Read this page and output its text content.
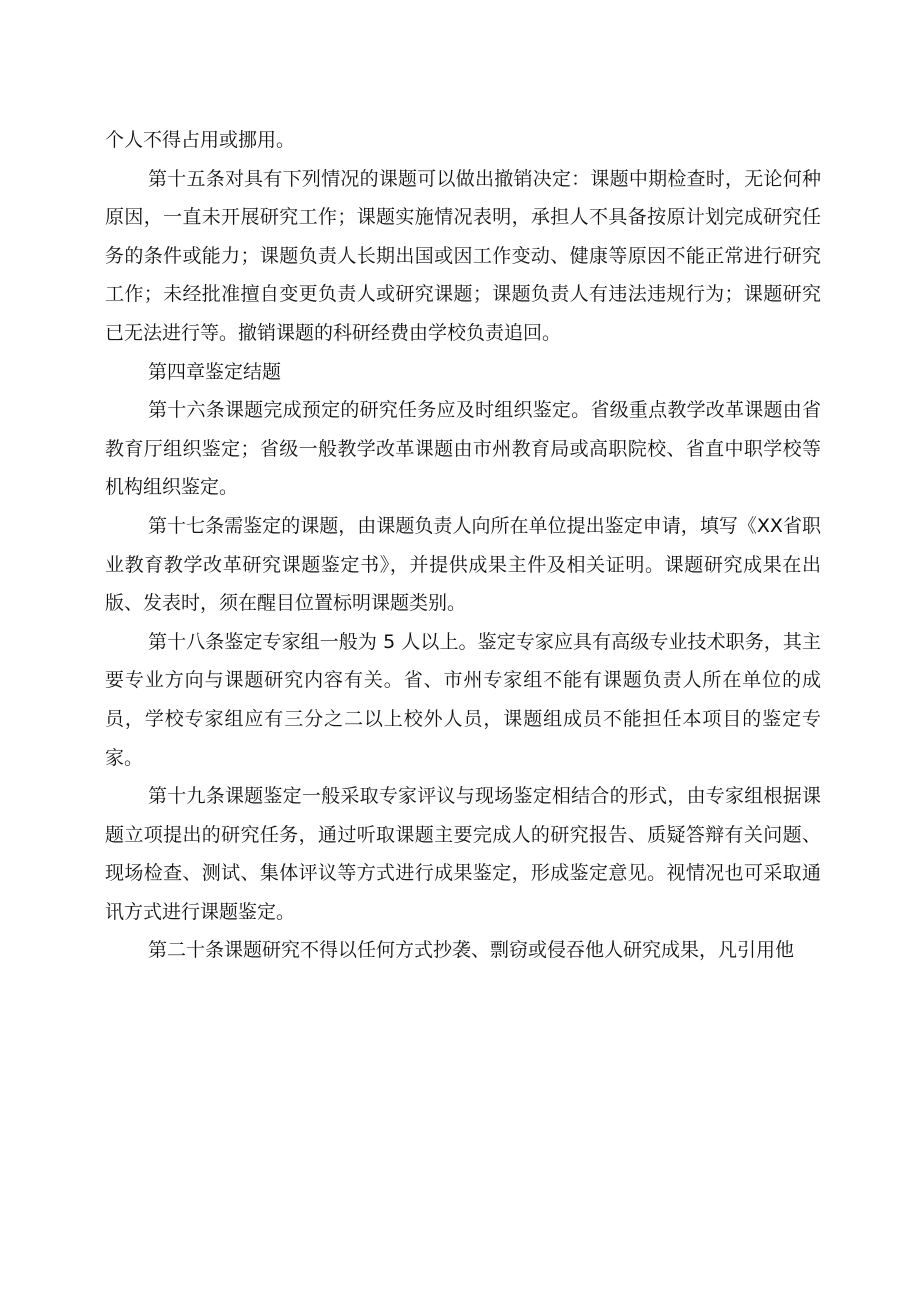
个人不得占用或挪用。

第十五条对具有下列情况的课题可以做出撤销决定：课题中期检查时，无论何种原因，一直未开展研究工作；课题实施情况表明，承担人不具备按原计划完成研究任务的条件或能力；课题负责人长期出国或因工作变动、健康等原因不能正常进行研究工作；未经批准擅自变更负责人或研究课题；课题负责人有违法违规行为；课题研究已无法进行等。撤销课题的科研经费由学校负责追回。

第四章鉴定结题

第十六条课题完成预定的研究任务应及时组织鉴定。省级重点教学改革课题由省教育厅组织鉴定；省级一般教学改革课题由市州教育局或高职院校、省直中职学校等机构组织鉴定。

第十七条需鉴定的课题，由课题负责人向所在单位提出鉴定申请，填写《XX省职业教育教学改革研究课题鉴定书》，并提供成果主件及相关证明。课题研究成果在出版、发表时，须在醒目位置标明课题类别。

第十八条鉴定专家组一般为 5 人以上。鉴定专家应具有高级专业技术职务，其主要专业方向与课题研究内容有关。省、市州专家组不能有课题负责人所在单位的成员，学校专家组应有三分之二以上校外人员，课题组成员不能担任本项目的鉴定专家。

第十九条课题鉴定一般采取专家评议与现场鉴定相结合的形式，由专家组根据课题立项提出的研究任务，通过听取课题主要完成人的研究报告、质疑答辩有关问题、现场检查、测试、集体评议等方式进行成果鉴定，形成鉴定意见。视情况也可采取通讯方式进行课题鉴定。

第二十条课题研究不得以任何方式抄袭、剽窃或侵吞他人研究成果，凡引用他
